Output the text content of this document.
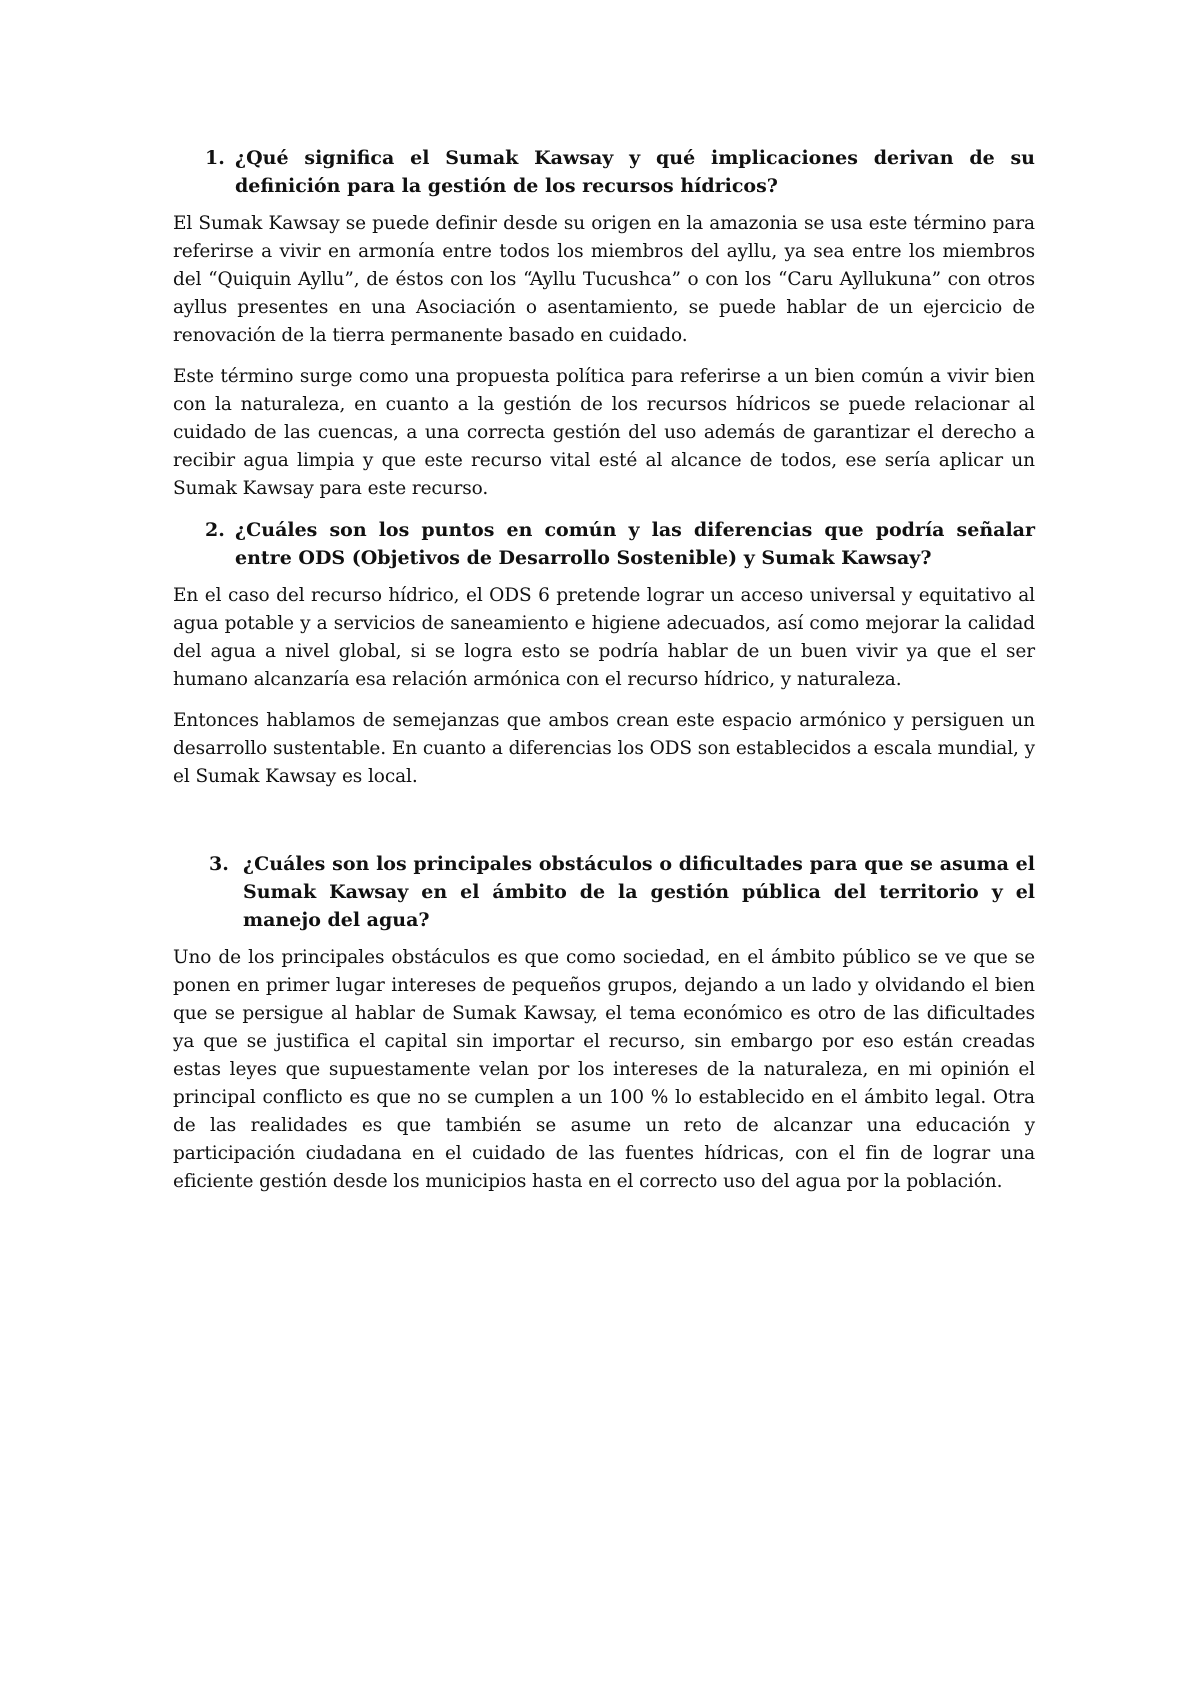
1. ¿Qué significa el Sumak Kawsay y qué implicaciones derivan de su definición para la gestión de los recursos hídricos?

El Sumak Kawsay se puede definir desde su origen en la amazonia se usa este término para referirse a vivir en armonía entre todos los miembros del ayllu, ya sea entre los miembros del “Quiquin Ayllu”, de éstos con los “Ayllu Tucushca” o con los “Caru Ayllukuna” con otros ayllus presentes en una Asociación o asentamiento, se puede hablar de un ejercicio de renovación de la tierra permanente basado en cuidado.

Este término surge como una propuesta política para referirse a un bien común a vivir bien con la naturaleza, en cuanto a la gestión de los recursos hídricos se puede relacionar al cuidado de las cuencas, a una correcta gestión del uso además de garantizar el derecho a recibir agua limpia y que este recurso vital esté al alcance de todos, ese sería aplicar un Sumak Kawsay para este recurso.

2. ¿Cuáles son los puntos en común y las diferencias que podría señalar entre ODS (Objetivos de Desarrollo Sostenible) y Sumak Kawsay?

En el caso del recurso hídrico, el ODS 6 pretende lograr un acceso universal y equitativo al agua potable y a servicios de saneamiento e higiene adecuados, así como mejorar la calidad del agua a nivel global, si se logra esto se podría hablar de un buen vivir ya que el ser humano alcanzaría esa relación armónica con el recurso hídrico, y naturaleza.

Entonces hablamos de semejanzas que ambos crean este espacio armónico y persiguen un desarrollo sustentable. En cuanto a diferencias los ODS son establecidos a escala mundial, y el Sumak Kawsay es local.

3. ¿Cuáles son los principales obstáculos o dificultades para que se asuma el Sumak Kawsay en el ámbito de la gestión pública del territorio y el manejo del agua?

Uno de los principales obstáculos es que como sociedad, en el ámbito público se ve que se ponen en primer lugar intereses de pequeños grupos, dejando a un lado y olvidando el bien que se persigue al hablar de Sumak Kawsay, el tema económico es otro de las dificultades ya que se justifica el capital sin importar el recurso, sin embargo por eso están creadas estas leyes que supuestamente velan por los intereses de la naturaleza, en mi opinión el principal conflicto es que no se cumplen a un 100 % lo establecido en el ámbito legal. Otra de las realidades es que también se asume un reto de alcanzar una educación y participación ciudadana en el cuidado de las fuentes hídricas, con el fin de lograr una eficiente gestión desde los municipios hasta en el correcto uso del agua por la población.
